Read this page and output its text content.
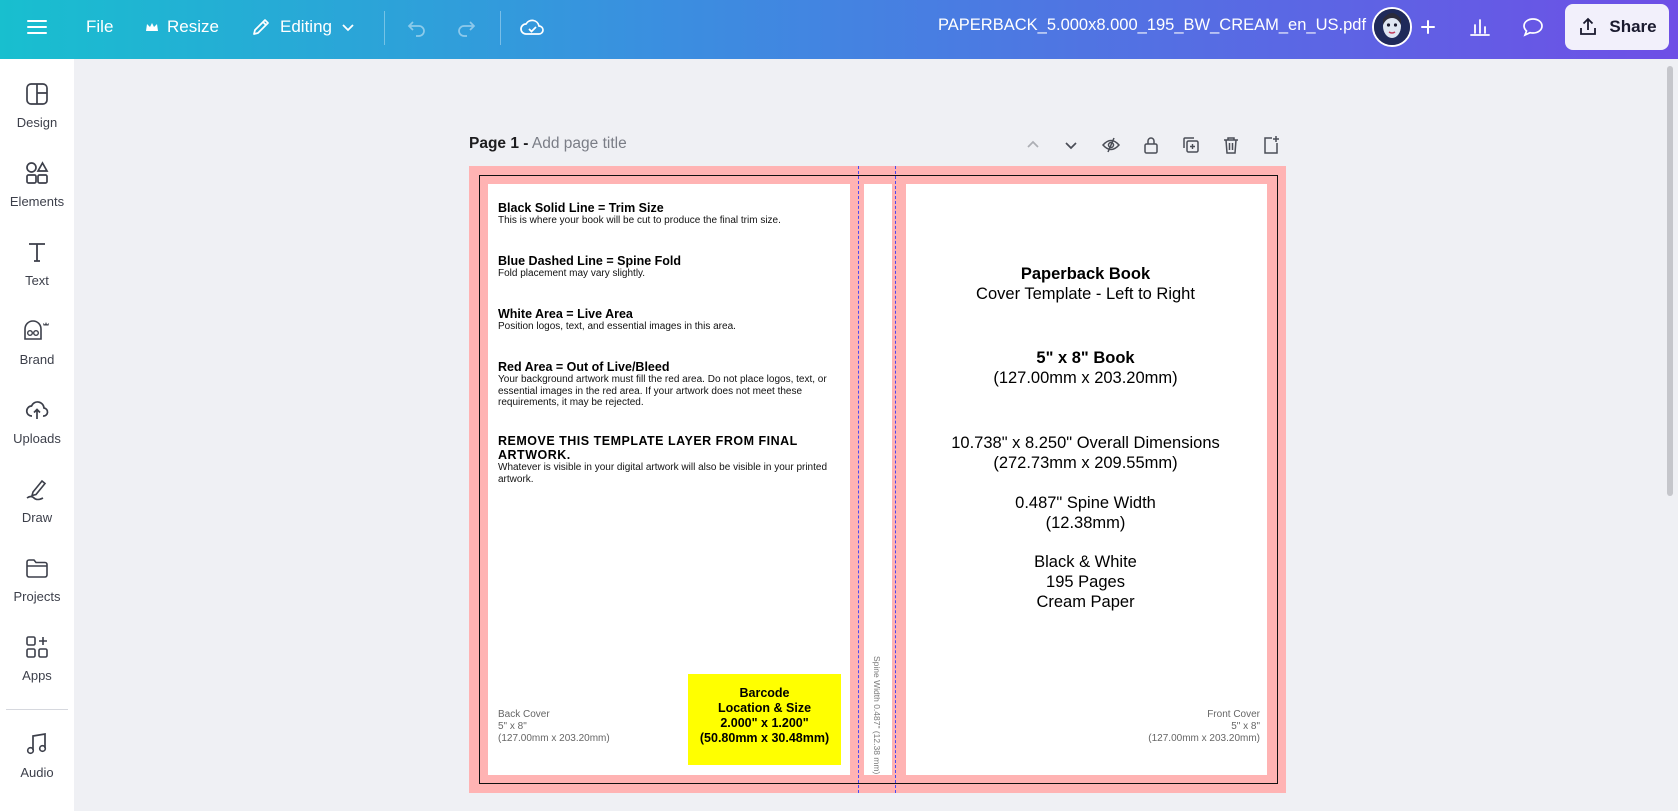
File	Resize	Editing	PAPERBACK_5.000x8.000_195_BW_CREAM_en_US.pdf	Share
Design
Elements
Text
Brand
Uploads
Draw
Projects
Apps
Audio
Page 1 - Add page title
Black Solid Line = Trim Size
This is where your book will be cut to produce the final trim size.
Blue Dashed Line = Spine Fold
Fold placement may vary slightly.
White Area = Live Area
Position logos, text, and essential images in this area.
Red Area = Out of Live/Bleed
Your background artwork must fill the red area. Do not place logos, text, or essential images in the red area. If your artwork does not meet these requirements, it may be rejected.
REMOVE THIS TEMPLATE LAYER FROM FINAL ARTWORK.
Whatever is visible in your digital artwork will also be visible in your printed artwork.
Barcode
Location & Size
2.000" x 1.200"
(50.80mm x 30.48mm)
Back Cover
5" x 8"
(127.00mm x 203.20mm)	Spine Width 0.487" (12.38 mm)
Paperback Book
Cover Template - Left to Right
5" x 8" Book
(127.00mm x 203.20mm)
10.738" x 8.250" Overall Dimensions
(272.73mm x 209.55mm)
0.487" Spine Width
(12.38mm)
Black & White
195 Pages
Cream Paper
Front Cover
5" x 8"
(127.00mm x 203.20mm)
